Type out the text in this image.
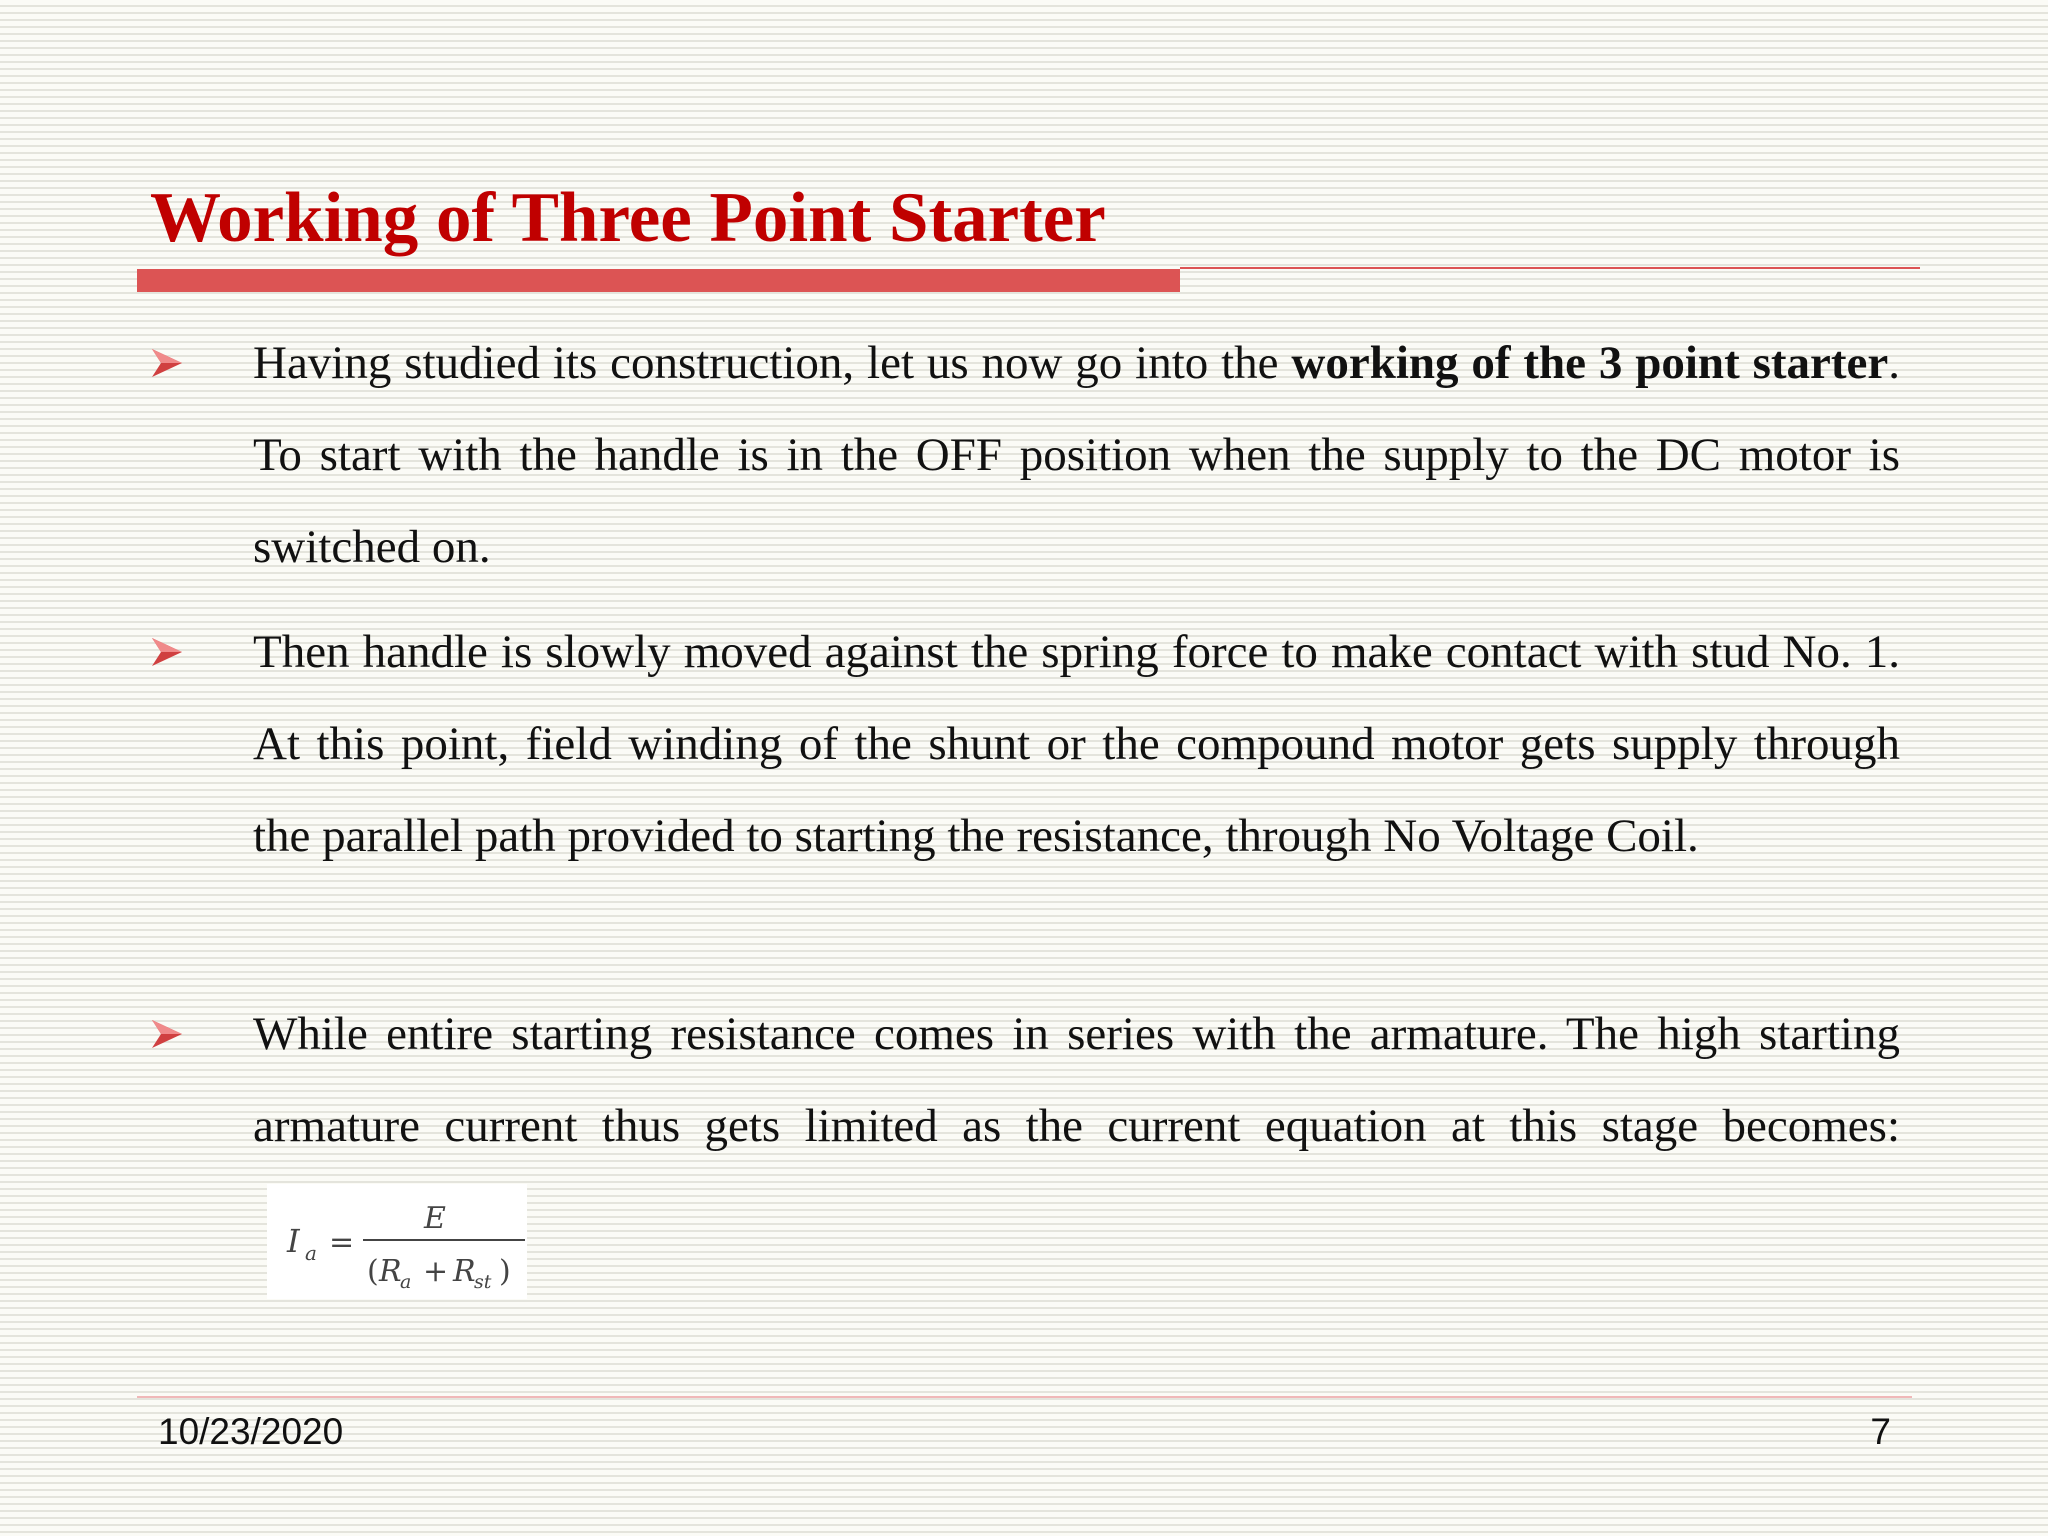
Working of Three Point Starter
Having studied its construction, let us now go into the working of the 3 point starter. To start with the handle is in the OFF position when the supply to the DC motor is switched on.
Then handle is slowly moved against the spring force to make contact with stud No. 1. At this point, field winding of the shunt or the compound motor gets supply through the parallel path provided to starting the resistance, through No Voltage Coil.
While entire starting resistance comes in series with the armature. The high starting armature current thus gets limited as the current equation at this stage becomes:
I a =
E
( R
a + R
st )
10/23/2020	7
